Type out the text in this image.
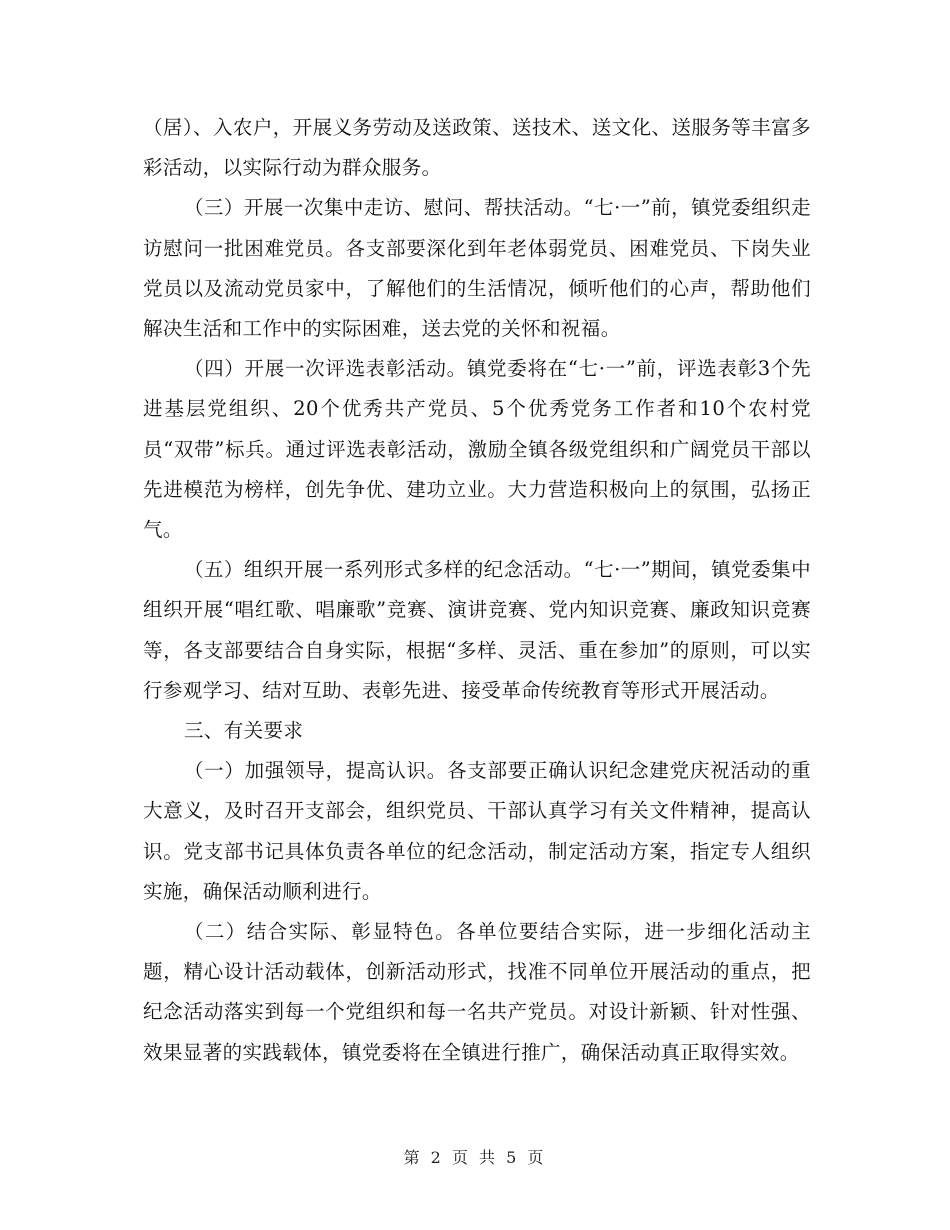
（居）、入农户，开展义务劳动及送政策、送技术、送文化、送服务等丰富多彩活动，以实际行动为群众服务。

（三）开展一次集中走访、慰问、帮扶活动。“七·一”前，镇党委组织走访慰问一批困难党员。各支部要深化到年老体弱党员、困难党员、下岗失业党员以及流动党员家中，了解他们的生活情况，倾听他们的心声，帮助他们解决生活和工作中的实际困难，送去党的关怀和祝福。

（四）开展一次评选表彰活动。镇党委将在“七·一”前，评选表彰3个先进基层党组织、20个优秀共产党员、5个优秀党务工作者和10个农村党员“双带”标兵。通过评选表彰活动，激励全镇各级党组织和广阔党员干部以先进模范为榜样，创先争优、建功立业。大力营造积极向上的氛围，弘扬正气。

（五）组织开展一系列形式多样的纪念活动。“七·一”期间，镇党委集中组织开展“唱红歌、唱廉歌”竞赛、演讲竞赛、党内知识竞赛、廉政知识竞赛等，各支部要结合自身实际，根据“多样、灵活、重在参加”的原则，可以实行参观学习、结对互助、表彰先进、接受革命传统教育等形式开展活动。

三、有关要求

（一）加强领导，提高认识。各支部要正确认识纪念建党庆祝活动的重大意义，及时召开支部会，组织党员、干部认真学习有关文件精神，提高认识。党支部书记具体负责各单位的纪念活动，制定活动方案，指定专人组织实施，确保活动顺利进行。

（二）结合实际、彰显特色。各单位要结合实际，进一步细化活动主题，精心设计活动载体，创新活动形式，找准不同单位开展活动的重点，把纪念活动落实到每一个党组织和每一名共产党员。对设计新颖、针对性强、效果显著的实践载体，镇党委将在全镇进行推广，确保活动真正取得实效。

第 2 页 共 5 页
